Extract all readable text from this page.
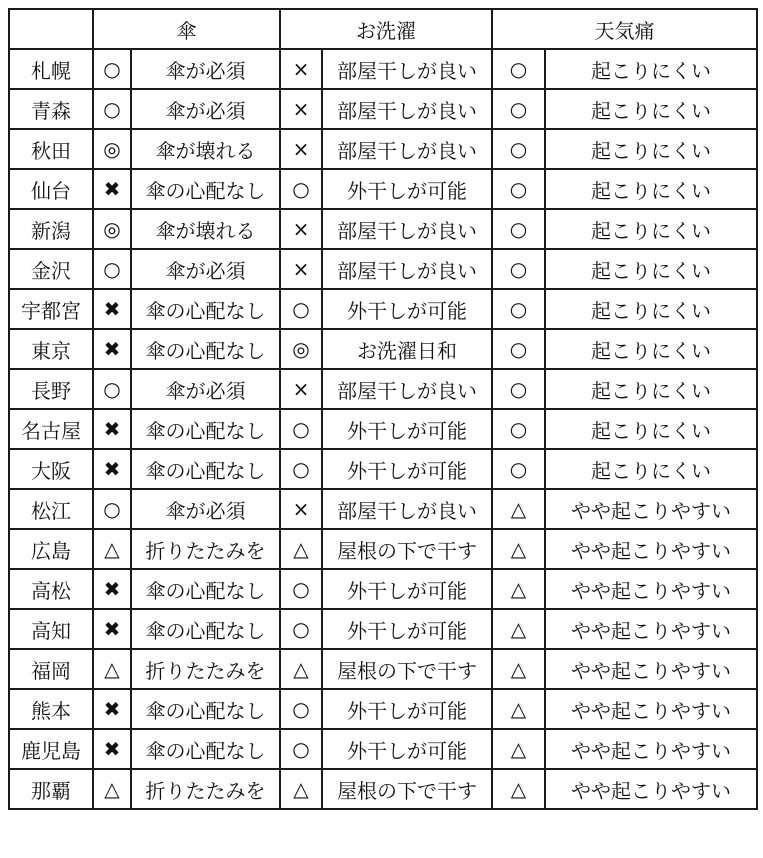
	傘		お洗濯		天気痛	
札幌	○	傘が必須	×	部屋干しが良い	○	起こりにくい
青森	○	傘が必須	×	部屋干しが良い	○	起こりにくい
秋田	◎	傘が壊れる	×	部屋干しが良い	○	起こりにくい
仙台	✖	傘の心配なし	○	外干しが可能	○	起こりにくい
新潟	◎	傘が壊れる	×	部屋干しが良い	○	起こりにくい
金沢	○	傘が必須	×	部屋干しが良い	○	起こりにくい
宇都宮	✖	傘の心配なし	○	外干しが可能	○	起こりにくい
東京	✖	傘の心配なし	◎	お洗濯日和	○	起こりにくい
長野	○	傘が必須	×	部屋干しが良い	○	起こりにくい
名古屋	✖	傘の心配なし	○	外干しが可能	○	起こりにくい
大阪	✖	傘の心配なし	○	外干しが可能	○	起こりにくい
松江	○	傘が必須	×	部屋干しが良い	△	やや起こりやすい
広島	△	折りたたみを	△	屋根の下で干す	△	やや起こりやすい
高松	✖	傘の心配なし	○	外干しが可能	△	やや起こりやすい
高知	✖	傘の心配なし	○	外干しが可能	△	やや起こりやすい
福岡	△	折りたたみを	△	屋根の下で干す	△	やや起こりやすい
熊本	✖	傘の心配なし	○	外干しが可能	△	やや起こりやすい
鹿児島	✖	傘の心配なし	○	外干しが可能	△	やや起こりやすい
那覇	△	折りたたみを	△	屋根の下で干す	△	やや起こりやすい
